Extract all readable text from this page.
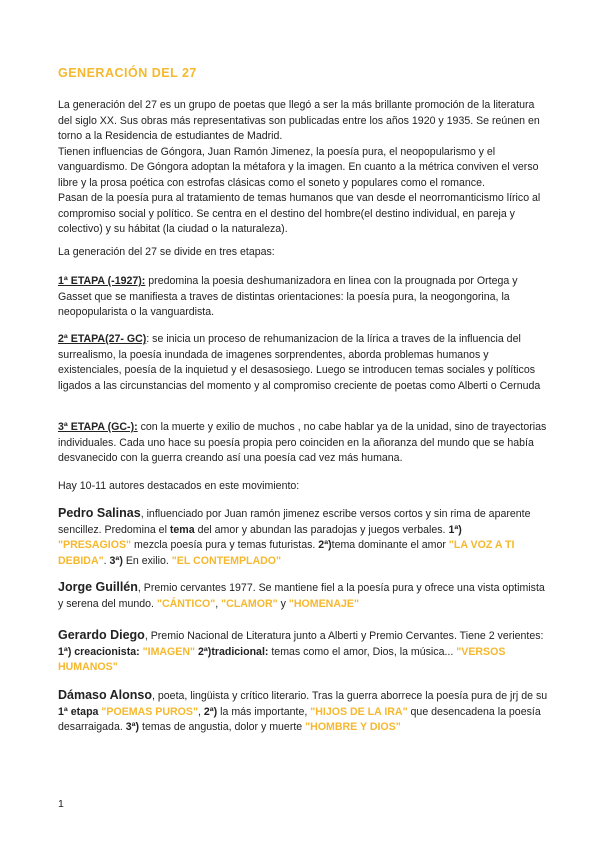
GENERACIÓN DEL 27

La generación del 27 es un grupo de poetas que llegó a ser la más brillante promoción de la literatura del siglo XX. Sus obras más representativas son publicadas entre los años 1920 y 1935. Se reúnen en torno a la Residencia de estudiantes de Madrid.
Tienen influencias de Góngora, Juan Ramón Jimenez, la poesía pura, el neopopularismo y el vanguardismo. De Góngora adoptan la métafora y la imagen. En cuanto a la métrica conviven el verso libre y la prosa poética con estrofas clásicas como el soneto y populares como el romance.
Pasan de la poesía pura al tratamiento de temas humanos que van desde el neorromanticismo lírico al compromiso social y político. Se centra en el destino del hombre(el destino individual, en pareja y colectivo) y su hábitat (la ciudad o la naturaleza).

La generación del 27 se divide en tres etapas:

1ª ETAPA (-1927): predomina la poesia deshumanizadora en linea con la prougnada por Ortega y Gasset que se manifiesta a traves de distintas orientaciones: la poesía pura, la neogongorina, la neopopularista o la vanguardista.

2ª ETAPA(27- GC): se inicia un proceso de rehumanizacion de la lírica a traves de la influencia del surrealismo, la poesía inundada de imagenes sorprendentes, aborda problemas humanos y existenciales, poesía de la inquietud y el desasosiego. Luego se introducen temas sociales y políticos ligados a las circunstancias del momento y al compromiso creciente de poetas como Alberti o Cernuda

3ª ETAPA (GC-): con la muerte y exilio de muchos , no cabe hablar ya de la unidad, sino de trayectorias individuales. Cada uno hace su poesía propia pero coinciden en la añoranza del mundo que se había desvanecido con la guerra creando así una poesía cad vez más humana.

Hay 10-11 autores destacados en este movimiento:

Pedro Salinas, influenciado por Juan ramón jimenez escribe versos cortos y sin rima de aparente sencillez. Predomina el tema del amor y abundan las paradojas y juegos verbales. 1ª)
"PRESAGIOS" mezcla poesía pura y temas futuristas. 2ª)tema dominante el amor "LA VOZ A TI DEBIDA". 3ª) En exilio. "EL CONTEMPLADO"

Jorge Guillén, Premio cervantes 1977. Se mantiene fiel a la poesía pura y ofrece una vista optimista y serena del mundo. "CÁNTICO", "CLAMOR" y "HOMENAJE"

Gerardo Diego, Premio Nacional de Literatura junto a Alberti y Premio Cervantes. Tiene 2 verientes: 1ª) creacionista: "IMAGEN" 2ª)tradicional: temas como el amor, Dios, la música... "VERSOS HUMANOS"

Dámaso Alonso, poeta, lingüista y crítico literario. Tras la guerra aborrece la poesía pura de jrj de su 1ª etapa "POEMAS PUROS", 2ª) la más importante, "HIJOS DE LA IRA" que desencadena la poesía desarraigada. 3ª) temas de angustia, dolor y muerte "HOMBRE Y DIOS"

1
